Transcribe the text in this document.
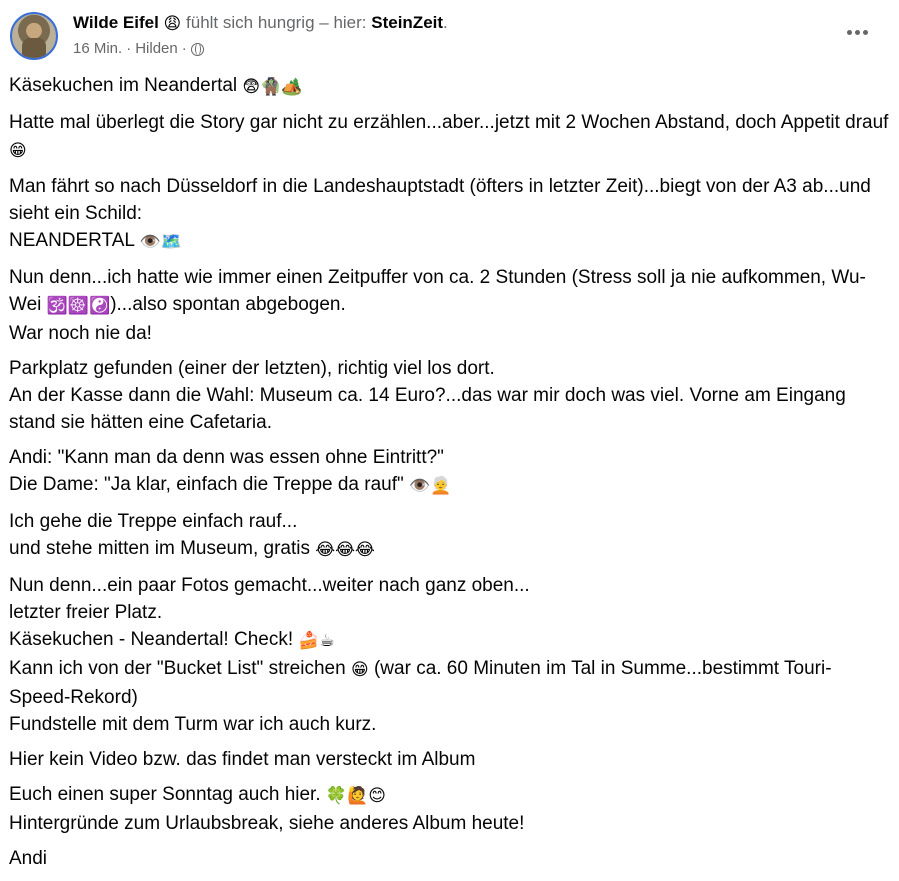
Wilde Eifel 😩 fühlt sich hungrig – hier: SteinZeit.
16 Min. · Hilden ·

Käsekuchen im Neandertal 😨🧌🏕️

Hatte mal überlegt die Story gar nicht zu erzählen...aber...jetzt mit 2 Wochen Abstand, doch Appetit drauf 😁

Man fährt so nach Düsseldorf in die Landeshauptstadt (öfters in letzter Zeit)...biegt von der A3 ab...und sieht ein Schild:
NEANDERTAL 👁️🗺️

Nun denn...ich hatte wie immer einen Zeitpuffer von ca. 2 Stunden (Stress soll ja nie aufkommen, Wu-Wei 🕉️☸️☯️)...also spontan abgebogen.
War noch nie da!

Parkplatz gefunden (einer der letzten), richtig viel los dort.
An der Kasse dann die Wahl: Museum ca. 14 Euro?...das war mir doch was viel. Vorne am Eingang stand sie hätten eine Cafetaria.

Andi: "Kann man da denn was essen ohne Eintritt?"
Die Dame: "Ja klar, einfach die Treppe da rauf" 👁️🧑‍🦳

Ich gehe die Treppe einfach rauf...
und stehe mitten im Museum, gratis 😂😂😂

Nun denn...ein paar Fotos gemacht...weiter nach ganz oben...
letzter freier Platz.
Käsekuchen - Neandertal! Check! 🍰☕
Kann ich von der "Bucket List" streichen 😁 (war ca. 60 Minuten im Tal in Summe...bestimmt Touri-Speed-Rekord)
Fundstelle mit dem Turm war ich auch kurz.

Hier kein Video bzw. das findet man versteckt im Album

Euch einen super Sonntag auch hier. 🍀🙋😊
Hintergründe zum Urlaubsbreak, siehe anderes Album heute!

Andi
